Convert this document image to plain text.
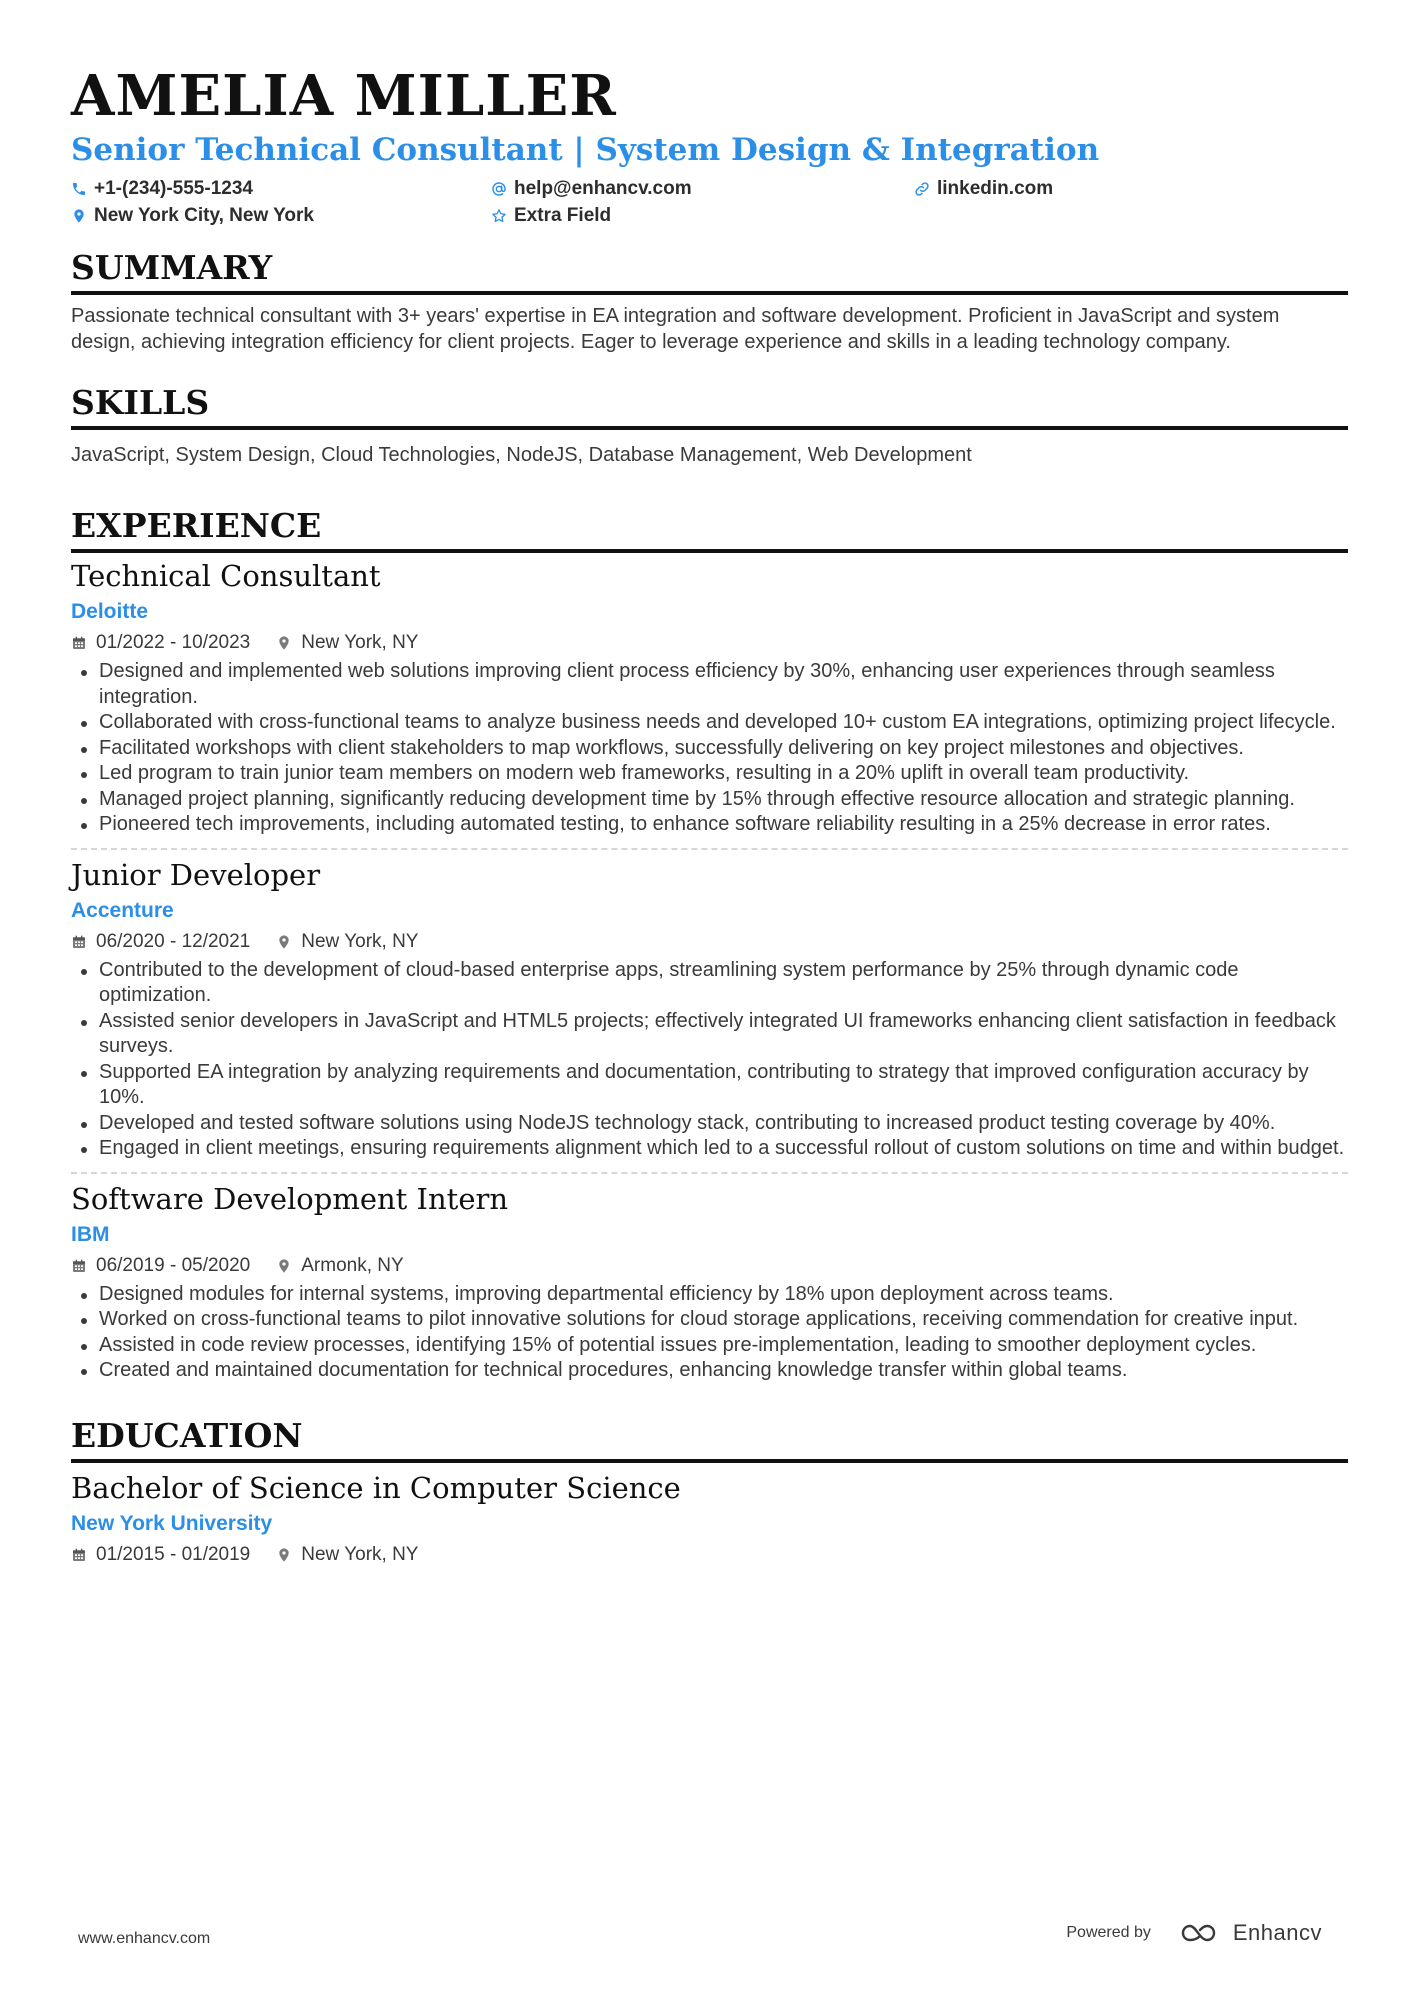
AMELIA MILLER
Senior Technical Consultant | System Design & Integration
+1-(234)-555-1234	help@enhancv.com	linkedin.com
New York City, New York	Extra Field
SUMMARY
Passionate technical consultant with 3+ years' expertise in EA integration and software development. Proficient in JavaScript and system design, achieving integration efficiency for client projects. Eager to leverage experience and skills in a leading technology company.
SKILLS
JavaScript, System Design, Cloud Technologies, NodeJS, Database Management, Web Development
EXPERIENCE
Technical Consultant
Deloitte
01/2022 - 10/2023	New York, NY
Designed and implemented web solutions improving client process efficiency by 30%, enhancing user experiences through seamless integration.
Collaborated with cross-functional teams to analyze business needs and developed 10+ custom EA integrations, optimizing project lifecycle.
Facilitated workshops with client stakeholders to map workflows, successfully delivering on key project milestones and objectives.
Led program to train junior team members on modern web frameworks, resulting in a 20% uplift in overall team productivity.
Managed project planning, significantly reducing development time by 15% through effective resource allocation and strategic planning.
Pioneered tech improvements, including automated testing, to enhance software reliability resulting in a 25% decrease in error rates.
Junior Developer
Accenture
06/2020 - 12/2021	New York, NY
Contributed to the development of cloud-based enterprise apps, streamlining system performance by 25% through dynamic code optimization.
Assisted senior developers in JavaScript and HTML5 projects; effectively integrated UI frameworks enhancing client satisfaction in feedback surveys.
Supported EA integration by analyzing requirements and documentation, contributing to strategy that improved configuration accuracy by 10%.
Developed and tested software solutions using NodeJS technology stack, contributing to increased product testing coverage by 40%.
Engaged in client meetings, ensuring requirements alignment which led to a successful rollout of custom solutions on time and within budget.
Software Development Intern
IBM
06/2019 - 05/2020	Armonk, NY
Designed modules for internal systems, improving departmental efficiency by 18% upon deployment across teams.
Worked on cross-functional teams to pilot innovative solutions for cloud storage applications, receiving commendation for creative input.
Assisted in code review processes, identifying 15% of potential issues pre-implementation, leading to smoother deployment cycles.
Created and maintained documentation for technical procedures, enhancing knowledge transfer within global teams.
EDUCATION
Bachelor of Science in Computer Science
New York University
01/2015 - 01/2019	New York, NY
www.enhancv.com	Powered by	Enhancv
